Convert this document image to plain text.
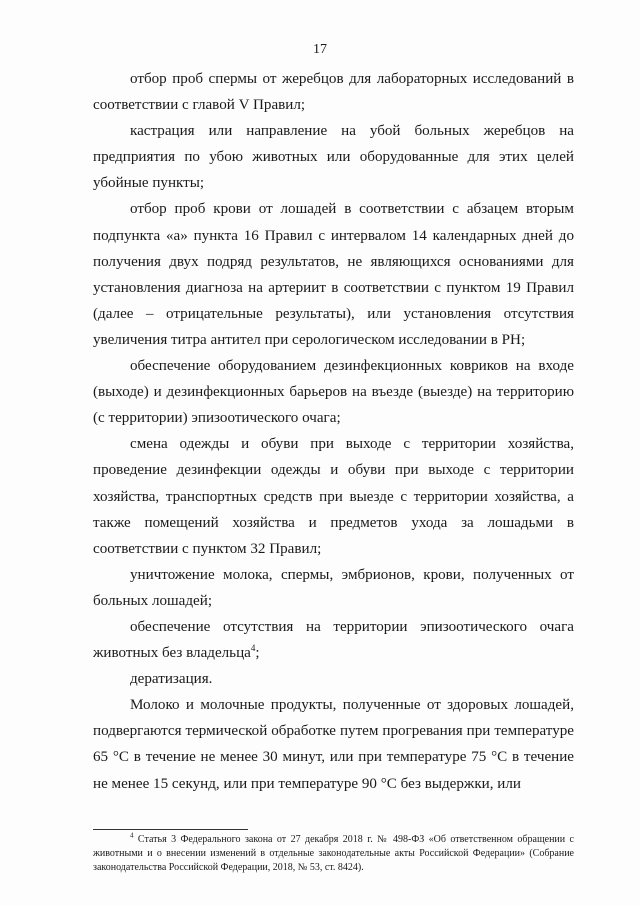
17

отбор проб спермы от жеребцов для лабораторных исследований в соответствии с главой V Правил;

кастрация или направление на убой больных жеребцов на предприятия по убою животных или оборудованные для этих целей убойные пункты;

отбор проб крови от лошадей в соответствии с абзацем вторым подпункта «а» пункта 16 Правил с интервалом 14 календарных дней до получения двух подряд результатов, не являющихся основаниями для установления диагноза на артериит в соответствии с пунктом 19 Правил (далее – отрицательные результаты), или установления отсутствия увеличения титра антител при серологическом исследовании в РН;

обеспечение оборудованием дезинфекционных ковриков на входе (выходе) и дезинфекционных барьеров на въезде (выезде) на территорию (с территории) эпизоотического очага;

смена одежды и обуви при выходе с территории хозяйства, проведение дезинфекции одежды и обуви при выходе с территории хозяйства, транспортных средств при выезде с территории хозяйства, а также помещений хозяйства и предметов ухода за лошадьми в соответствии с пунктом 32 Правил;

уничтожение молока, спермы, эмбрионов, крови, полученных от больных лошадей;

обеспечение отсутствия на территории эпизоотического очага животных без владельца$^4$;

дератизация.

Молоко и молочные продукты, полученные от здоровых лошадей, подвергаются термической обработке путем прогревания при температуре 65 °С в течение не менее 30 минут, или при температуре 75 °С в течение не менее 15 секунд, или при температуре 90 °С без выдержки, или

$^4$ Статья 3 Федерального закона от 27 декабря 2018 г. № 498-ФЗ «Об ответственном обращении с животными и о внесении изменений в отдельные законодательные акты Российской Федерации» (Собрание законодательства Российской Федерации, 2018, № 53, ст. 8424).
